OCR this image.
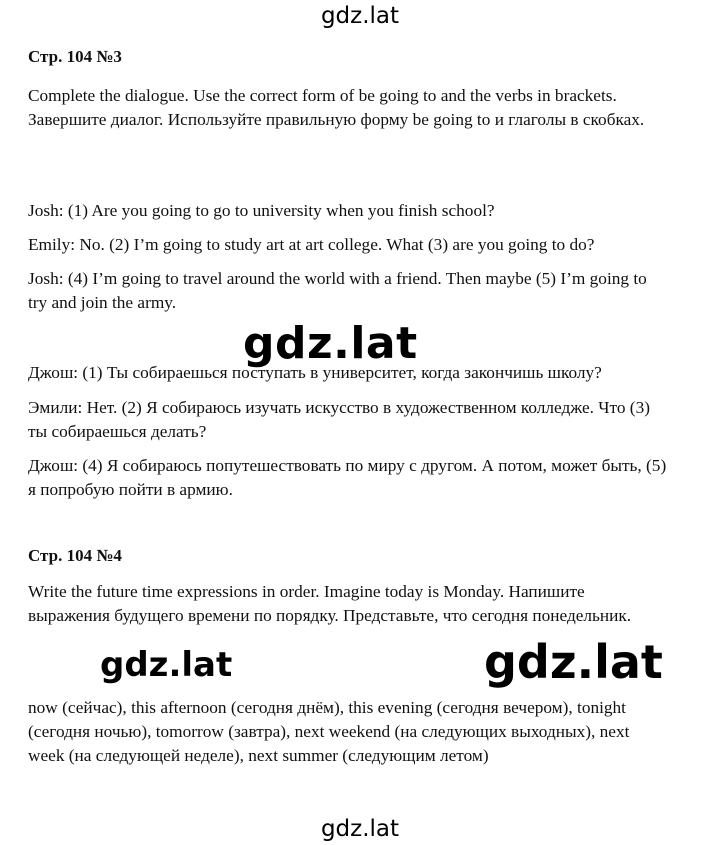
gdz.lat
Стр. 104 №3
Complete the dialogue. Use the correct form of be going to and the verbs in brackets. Завершите диалог. Используйте правильную форму be going to и глаголы в скобках.
Josh: (1) Are you going to go to university when you finish school?
Emily: No. (2) I’m going to study art at art college. What (3) are you going to do?
Josh: (4) I’m going to travel around the world with a friend. Then maybe (5) I’m going to try and join the army.
Джош: (1) Ты собираешься поступать в университет, когда закончишь школу?
Эмили: Нет. (2) Я собираюсь изучать искусство в художественном колледже. Что (3) ты собираешься делать?
Джош: (4) Я собираюсь попутешествовать по миру с другом. А потом, может быть, (5) я попробую пойти в армию.
gdz.lat
Стр. 104 №4
Write the future time expressions in order. Imagine today is Monday. Напишите выражения будущего времени по порядку. Представьте, что сегодня понедельник.
gdz.lat	gdz.lat
now (сейчас), this afternoon (сегодня днём), this evening (сегодня вечером), tonight (сегодня ночью), tomorrow (завтра), next weekend (на следующих выходных), next week (на следующей неделе), next summer (следующим летом)
gdz.lat
